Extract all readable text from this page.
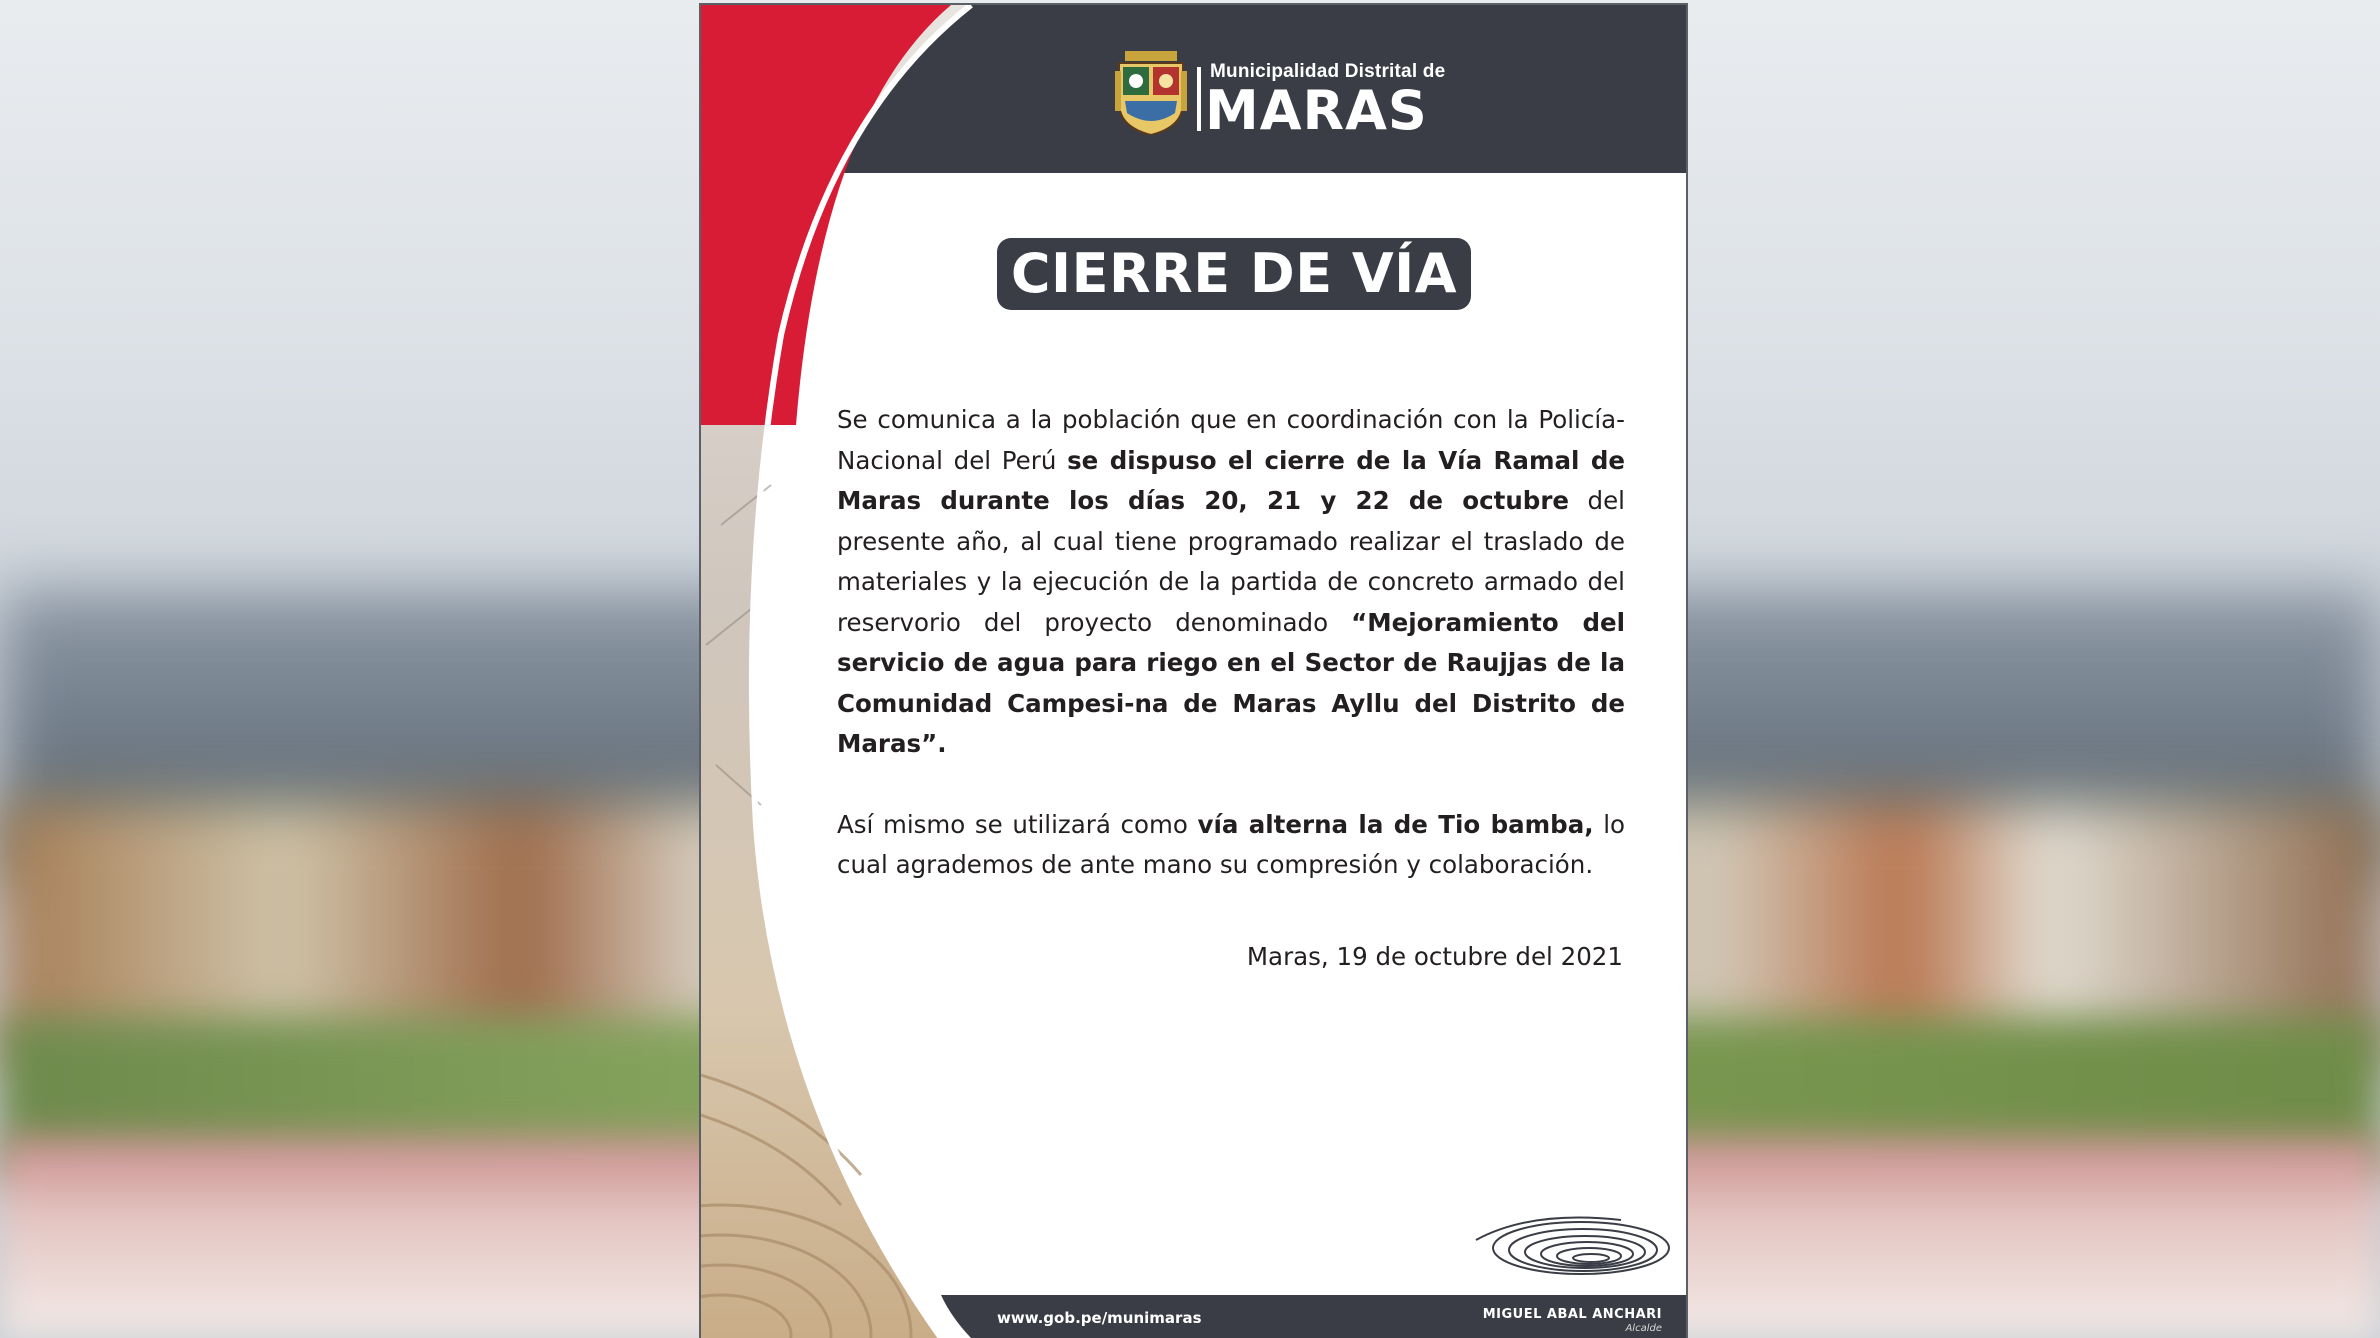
Municipalidad Distrital de
MARAS
CIERRE DE VÍA

Se comunica a la población que en coordinación con la Policía-Nacional del Perú se dispuso el cierre de la Vía Ramal de Maras durante los días 20, 21 y 22 de octubre del presente año, al cual tiene programado realizar el traslado de materiales y la ejecución de la partida de concreto armado del reservorio del proyecto denominado “Mejoramiento del servicio de agua para riego en el Sector de Raujjas de la Comunidad Campesi-na de Maras Ayllu del Distrito de Maras”.

Así mismo se utilizará como vía alterna la de Tio bamba, lo cual agrademos de ante mano su compresión y colaboración.

Maras, 19 de octubre del 2021
www.gob.pe/munimaras	MIGUEL ABAL ANCHARI
Alcalde
